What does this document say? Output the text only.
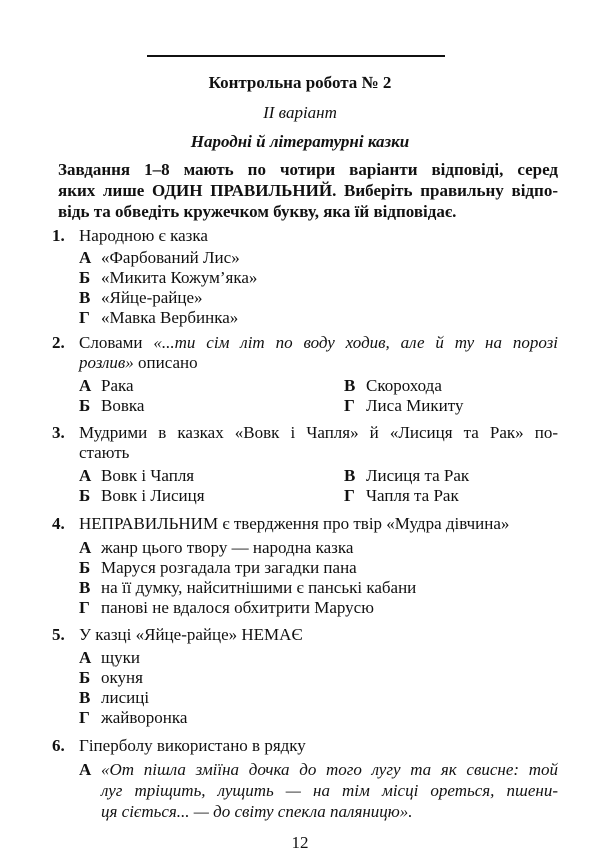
Контрольна робота № 2
ІІ варіант
Народні й літературні казки
Завдання 1–8 мають по чотири варіанти відповіді, серед
яких лише ОДИН ПРАВИЛЬНИЙ. Виберіть правильну відпо-
відь та обведіть кружечком букву, яка їй відповідає.
1. Народною є казка
А «Фарбований Лис»
Б «Микита Кожум’яка»
В «Яйце-райце»
Г «Мавка Вербинка»
2. Словами «...ти сім літ по воду ходив, але й ту на порозі
розлив» описано
А Рака	В Скорохода
Б Вовка	Г Лиса Микиту
3. Мудрими в казках «Вовк і Чапля» й «Лисиця та Рак» по-
стають
А Вовк і Чапля	В Лисиця та Рак
Б Вовк і Лисиця	Г Чапля та Рак
4. НЕПРАВИЛЬНИМ є твердження про твір «Мудра дівчина»
А жанр цього твору — народна казка
Б Маруся розгадала три загадки пана
В на її думку, найситнішими є панські кабани
Г панові не вдалося обхитрити Марусю
5. У казці «Яйце-райце» НЕМАЄ
А щуки
Б окуня
В лисиці
Г жайворонка
6. Гіперболу використано в рядку
А «От пішла зміїна дочка до того лугу та як свисне: той
луг тріщить, лущить — на тім місці ореться, пшени-
ця сіється... — до світу спекла паляницю».
12
